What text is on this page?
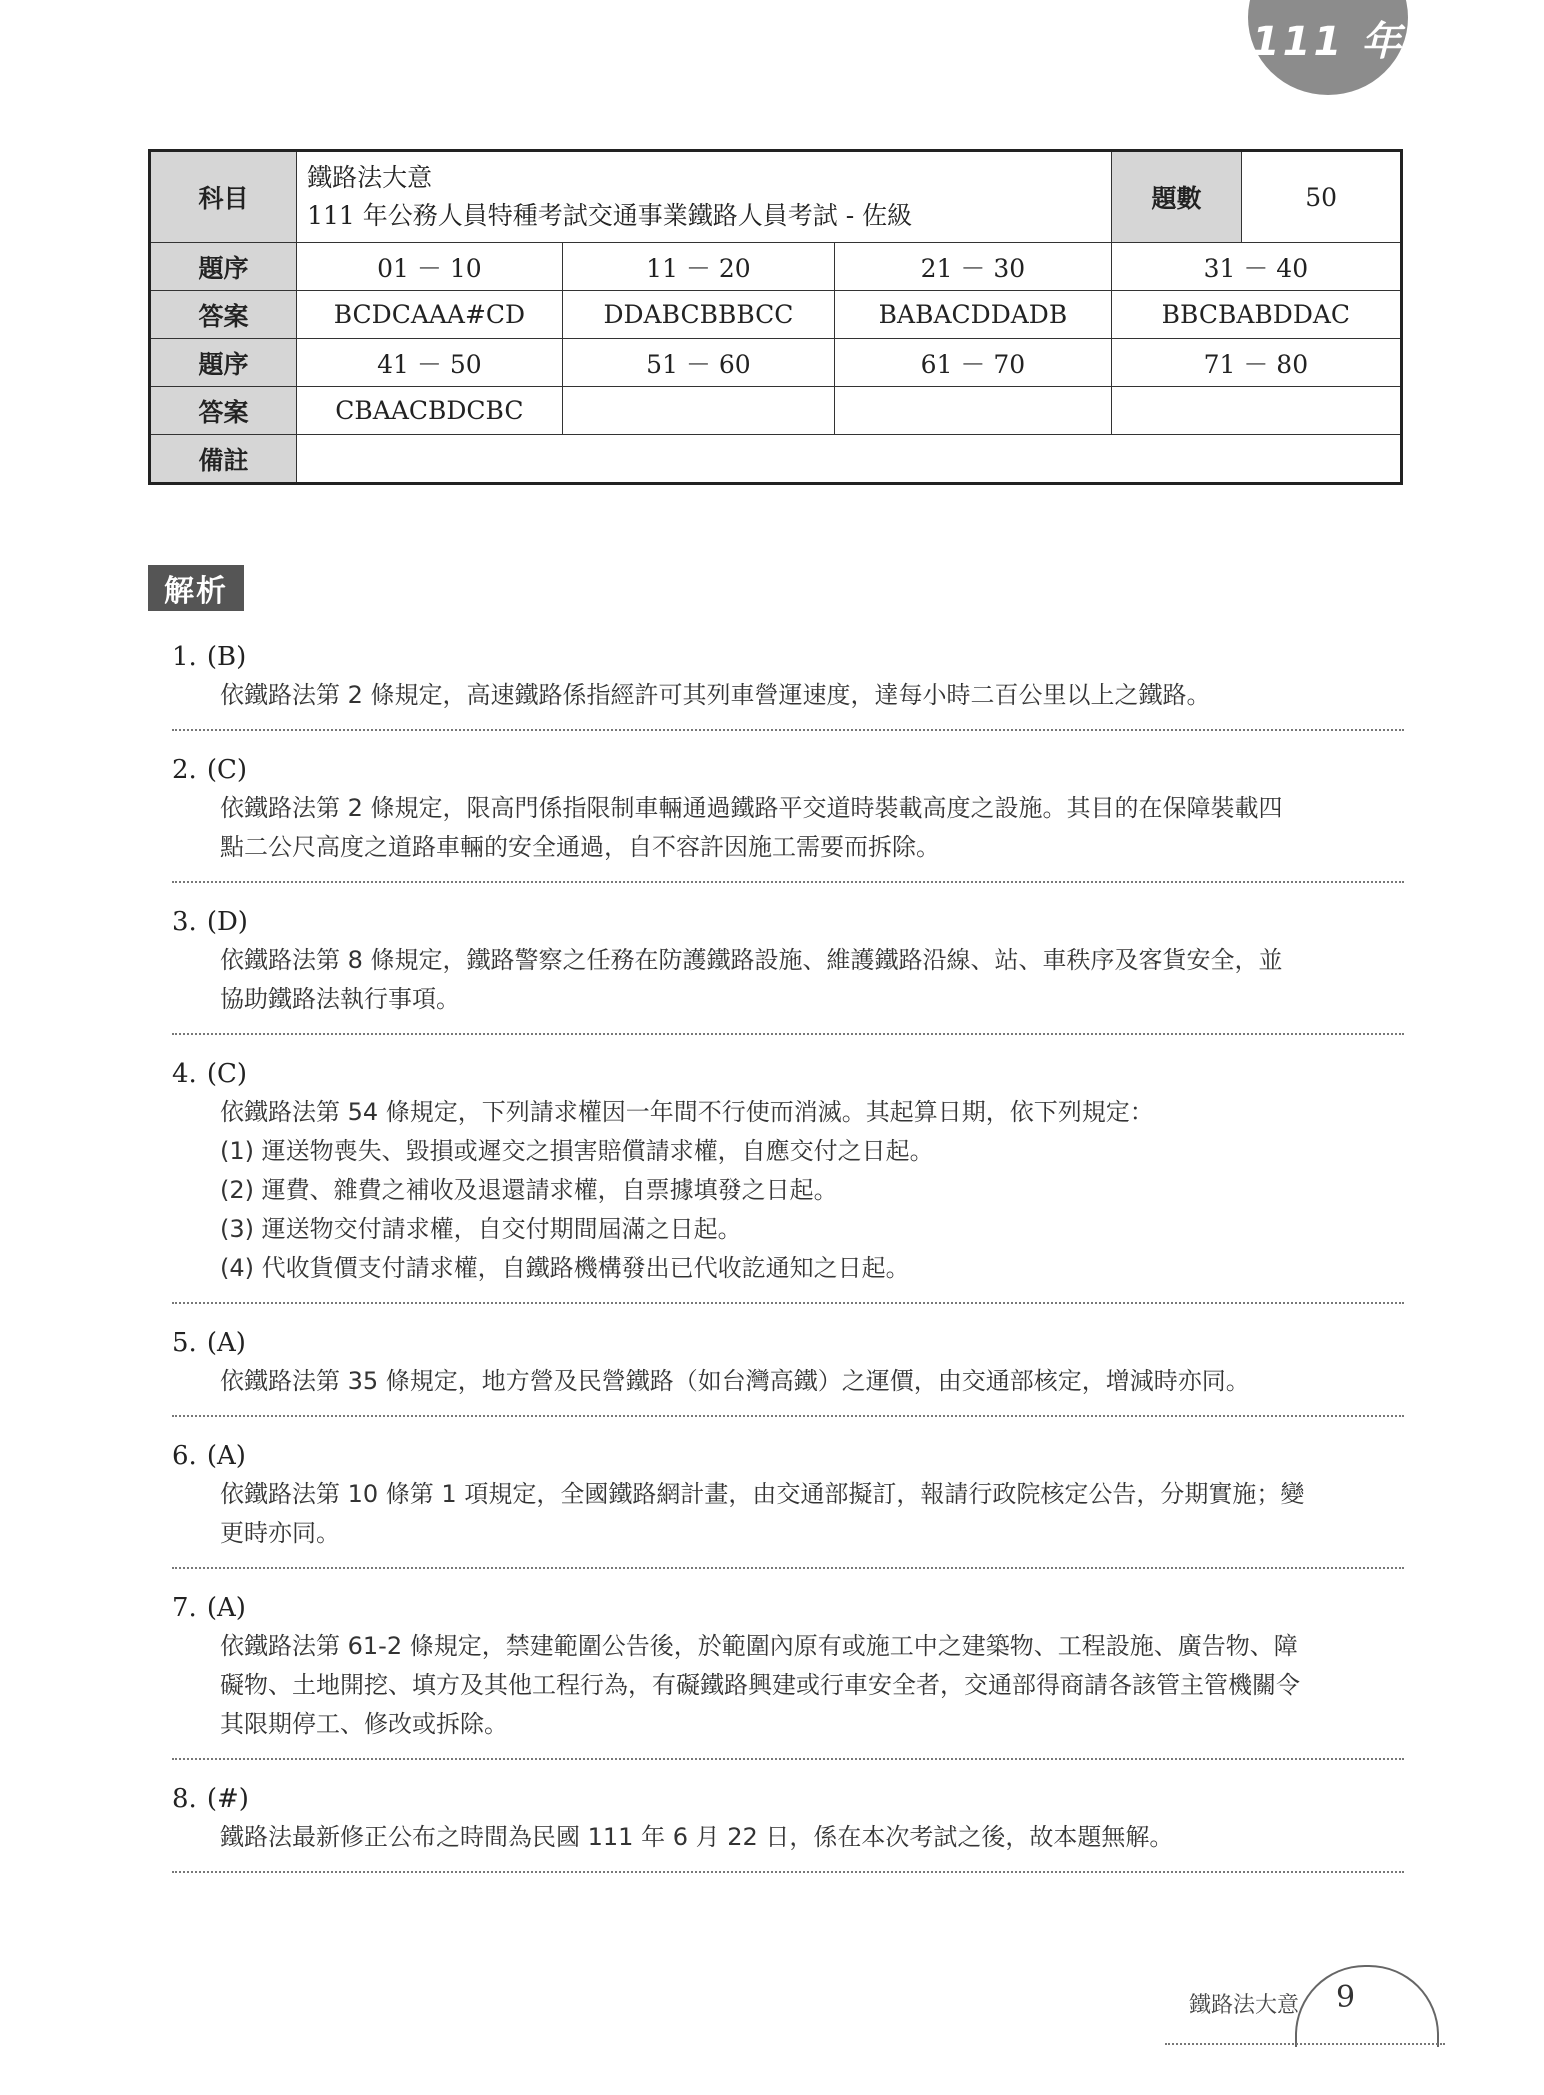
111 年
科目	鐵路法大意
111 年公務人員特種考試交通事業鐵路人員考試 - 佐級			題數	50
題序	01 － 10	11 － 20	21 － 30	31 － 40	
答案	BCDCAAA#CD	DDABCBBBCC	BABACDDADB	BBCBABDDAC	
題序	41 － 50	51 － 60	61 － 70	71 － 80	
答案	CBAACBDCBC				
備註					
解析
1. (B)
依鐵路法第 2 條規定，高速鐵路係指經許可其列車營運速度，達每小時二百公里以上之鐵路。
2. (C)
依鐵路法第 2 條規定，限高門係指限制車輛通過鐵路平交道時裝載高度之設施。其目的在保障裝載四
點二公尺高度之道路車輛的安全通過，自不容許因施工需要而拆除。
3. (D)
依鐵路法第 8 條規定，鐵路警察之任務在防護鐵路設施、維護鐵路沿線、站、車秩序及客貨安全，並
協助鐵路法執行事項。
4. (C)
依鐵路法第 54 條規定，下列請求權因一年間不行使而消滅。其起算日期，依下列規定：
(1) 運送物喪失、毀損或遲交之損害賠償請求權，自應交付之日起。
(2) 運費、雜費之補收及退還請求權，自票據填發之日起。
(3) 運送物交付請求權，自交付期間屆滿之日起。
(4) 代收貨價支付請求權，自鐵路機構發出已代收訖通知之日起。
5. (A)
依鐵路法第 35 條規定，地方營及民營鐵路（如台灣高鐵）之運價，由交通部核定，增減時亦同。
6. (A)
依鐵路法第 10 條第 1 項規定，全國鐵路網計畫，由交通部擬訂，報請行政院核定公告，分期實施；變
更時亦同。
7. (A)
依鐵路法第 61-2 條規定，禁建範圍公告後，於範圍內原有或施工中之建築物、工程設施、廣告物、障
礙物、土地開挖、填方及其他工程行為，有礙鐵路興建或行車安全者，交通部得商請各該管主管機關令
其限期停工、修改或拆除。
8. (#)
鐵路法最新修正公布之時間為民國 111 年 6 月 22 日，係在本次考試之後，故本題無解。
鐵路法大意 9
